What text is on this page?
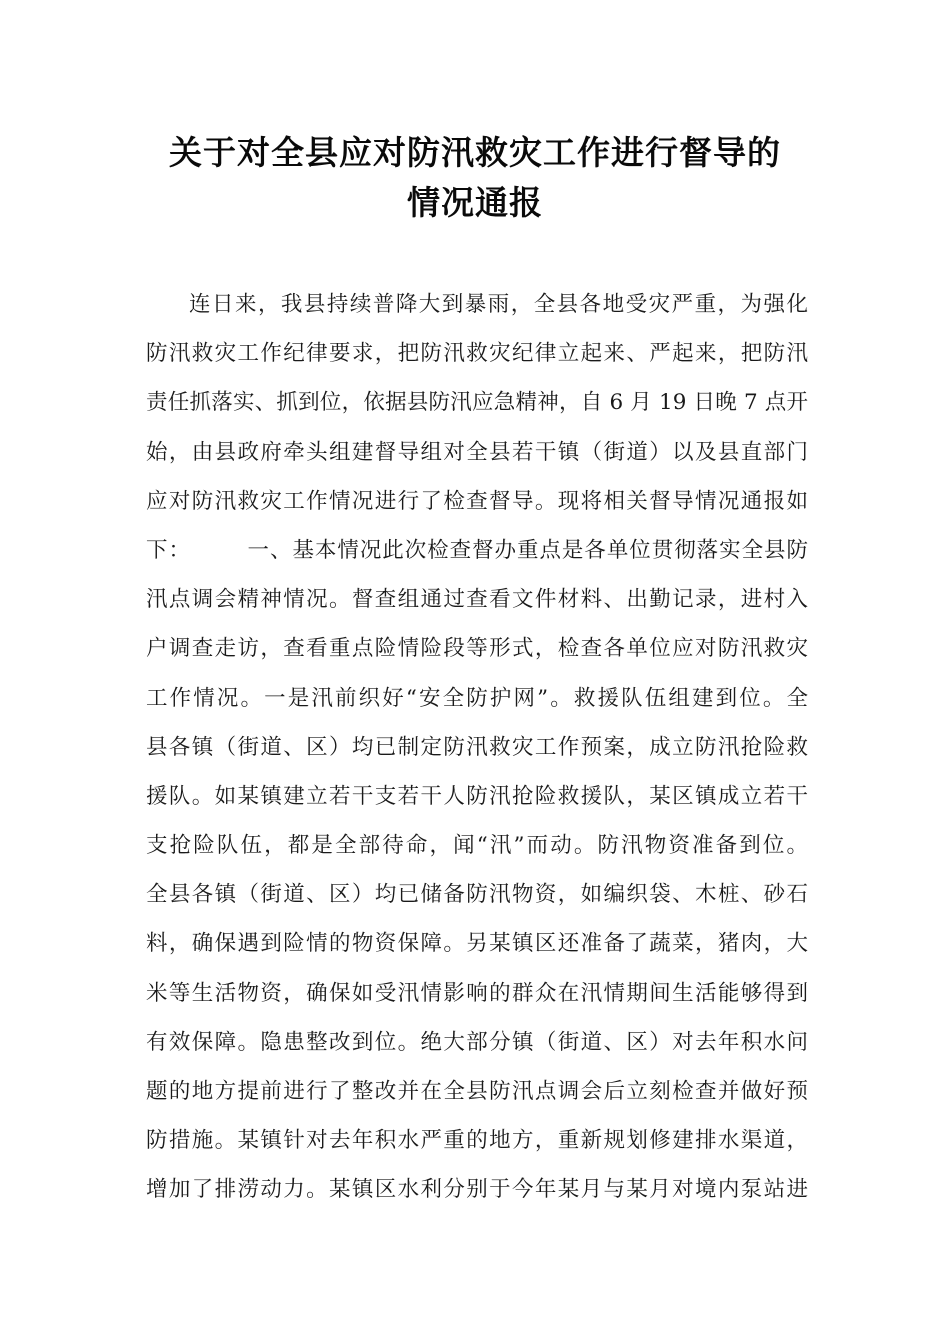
关于对全县应对防汛救灾工作进行督导的
情况通报
连日来，我县持续普降大到暴雨，全县各地受灾严重，为强化
防汛救灾工作纪律要求，把防汛救灾纪律立起来、严起来，把防汛
责任抓落实、抓到位，依据县防汛应急精神，自 6 月 19 日晚 7 点开
始，由县政府牵头组建督导组对全县若干镇（街道）以及县直部门
应对防汛救灾工作情况进行了检查督导。现将相关督导情况通报如
下：　　　一、基本情况此次检查督办重点是各单位贯彻落实全县防
汛点调会精神情况。督查组通过查看文件材料、出勤记录，进村入
户调查走访，查看重点险情险段等形式，检查各单位应对防汛救灾
工作情况。一是汛前织好“安全防护网”。救援队伍组建到位。全
县各镇（街道、区）均已制定防汛救灾工作预案，成立防汛抢险救
援队。如某镇建立若干支若干人防汛抢险救援队，某区镇成立若干
支抢险队伍，都是全部待命，闻“汛”而动。防汛物资准备到位。
全县各镇（街道、区）均已储备防汛物资，如编织袋、木桩、砂石
料，确保遇到险情的物资保障。另某镇区还准备了蔬菜，猪肉，大
米等生活物资，确保如受汛情影响的群众在汛情期间生活能够得到
有效保障。隐患整改到位。绝大部分镇（街道、区）对去年积水问
题的地方提前进行了整改并在全县防汛点调会后立刻检查并做好预
防措施。某镇针对去年积水严重的地方，重新规划修建排水渠道，
增加了排涝动力。某镇区水利分别于今年某月与某月对境内泵站进
